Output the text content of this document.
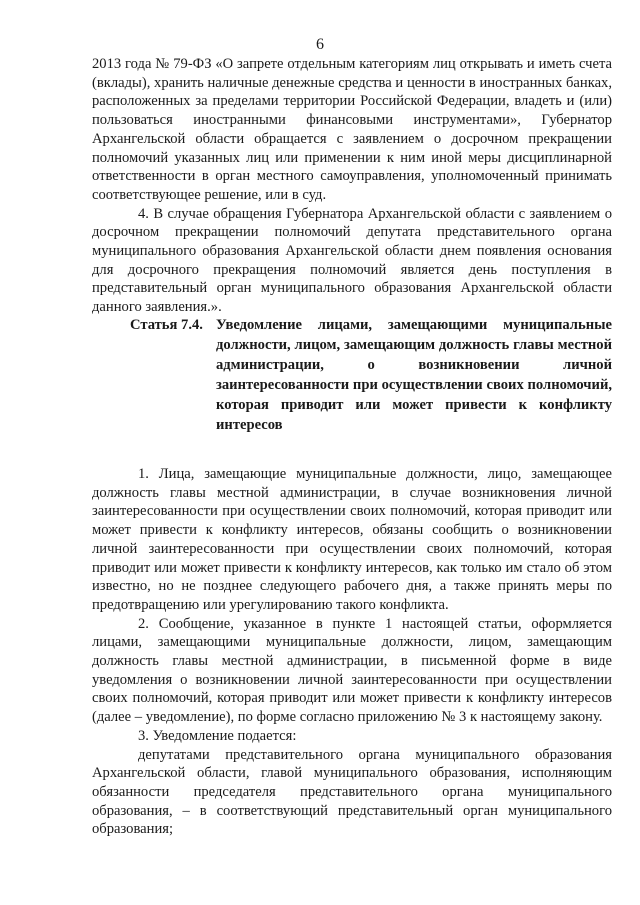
6

2013 года № 79-ФЗ «О запрете отдельным категориям лиц открывать и иметь счета (вклады), хранить наличные денежные средства и ценности в иностранных банках, расположенных за пределами территории Российской Федерации, владеть и (или) пользоваться иностранными финансовыми инструментами», Губернатор Архангельской области обращается с заявлением о досрочном прекращении полномочий указанных лиц или применении к ним иной меры дисциплинарной ответственности в орган местного самоуправления, уполномоченный принимать соответствующее решение, или в суд.

4. В случае обращения Губернатора Архангельской области с заявлением о досрочном прекращении полномочий депутата представительного органа муниципального образования Архангельской области днем появления основания для досрочного прекращения полномочий является день поступления в представительный орган муниципального образования Архангельской области данного заявления.».

Статья 7.4. Уведомление лицами, замещающими муниципальные должности, лицом, замещающим должность главы местной администрации, о возникновении личной заинтересованности при осуществлении своих полномочий, которая приводит или может привести к конфликту интересов

1. Лица, замещающие муниципальные должности, лицо, замещающее должность главы местной администрации, в случае возникновения личной заинтересованности при осуществлении своих полномочий, которая приводит или может привести к конфликту интересов, обязаны сообщить о возникновении личной заинтересованности при осуществлении своих полномочий, которая приводит или может привести к конфликту интересов, как только им стало об этом известно, но не позднее следующего рабочего дня, а также принять меры по предотвращению или урегулированию такого конфликта.

2. Сообщение, указанное в пункте 1 настоящей статьи, оформляется лицами, замещающими муниципальные должности, лицом, замещающим должность главы местной администрации, в письменной форме в виде уведомления о возникновении личной заинтересованности при осуществлении своих полномочий, которая приводит или может привести к конфликту интересов (далее – уведомление), по форме согласно приложению № 3 к настоящему закону.

3. Уведомление подается:

депутатами представительного органа муниципального образования Архангельской области, главой муниципального образования, исполняющим обязанности председателя представительного органа муниципального образования, – в соответствующий представительный орган муниципального образования;
